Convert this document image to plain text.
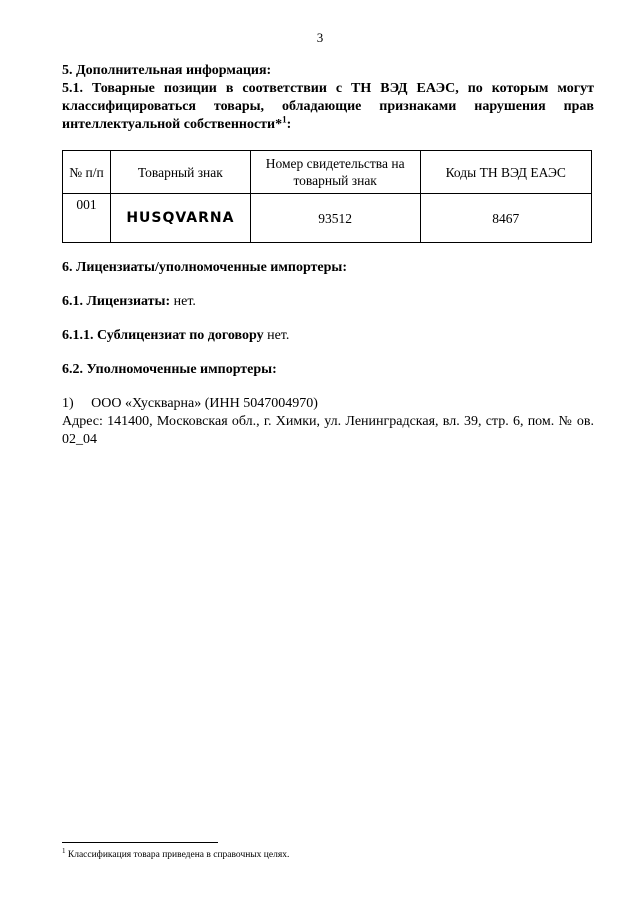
3

5. Дополнительная информация:

5.1. Товарные позиции в соответствии с ТН ВЭД ЕАЭС, по которым могут классифицироваться товары, обладающие признаками нарушения прав интеллектуальной собственности*$^1$:

№ п/п	Товарный знак	Номер свидетельства на товарный знак	Коды ТН ВЭД ЕАЭС
001	HUSQVARNA	93512	8467

6. Лицензиаты/уполномоченные импортеры:

6.1. Лицензиаты: нет.

6.1.1. Сублицензиат по договору нет.

6.2. Уполномоченные импортеры:

1)     ООО «Хускварна» (ИНН 5047004970)
Адрес: 141400, Московская обл., г. Химки, ул. Ленинградская, вл. 39, стр. 6, пом. № ов. 02_04
$^1$ Классификация товара приведена в справочных целях.
